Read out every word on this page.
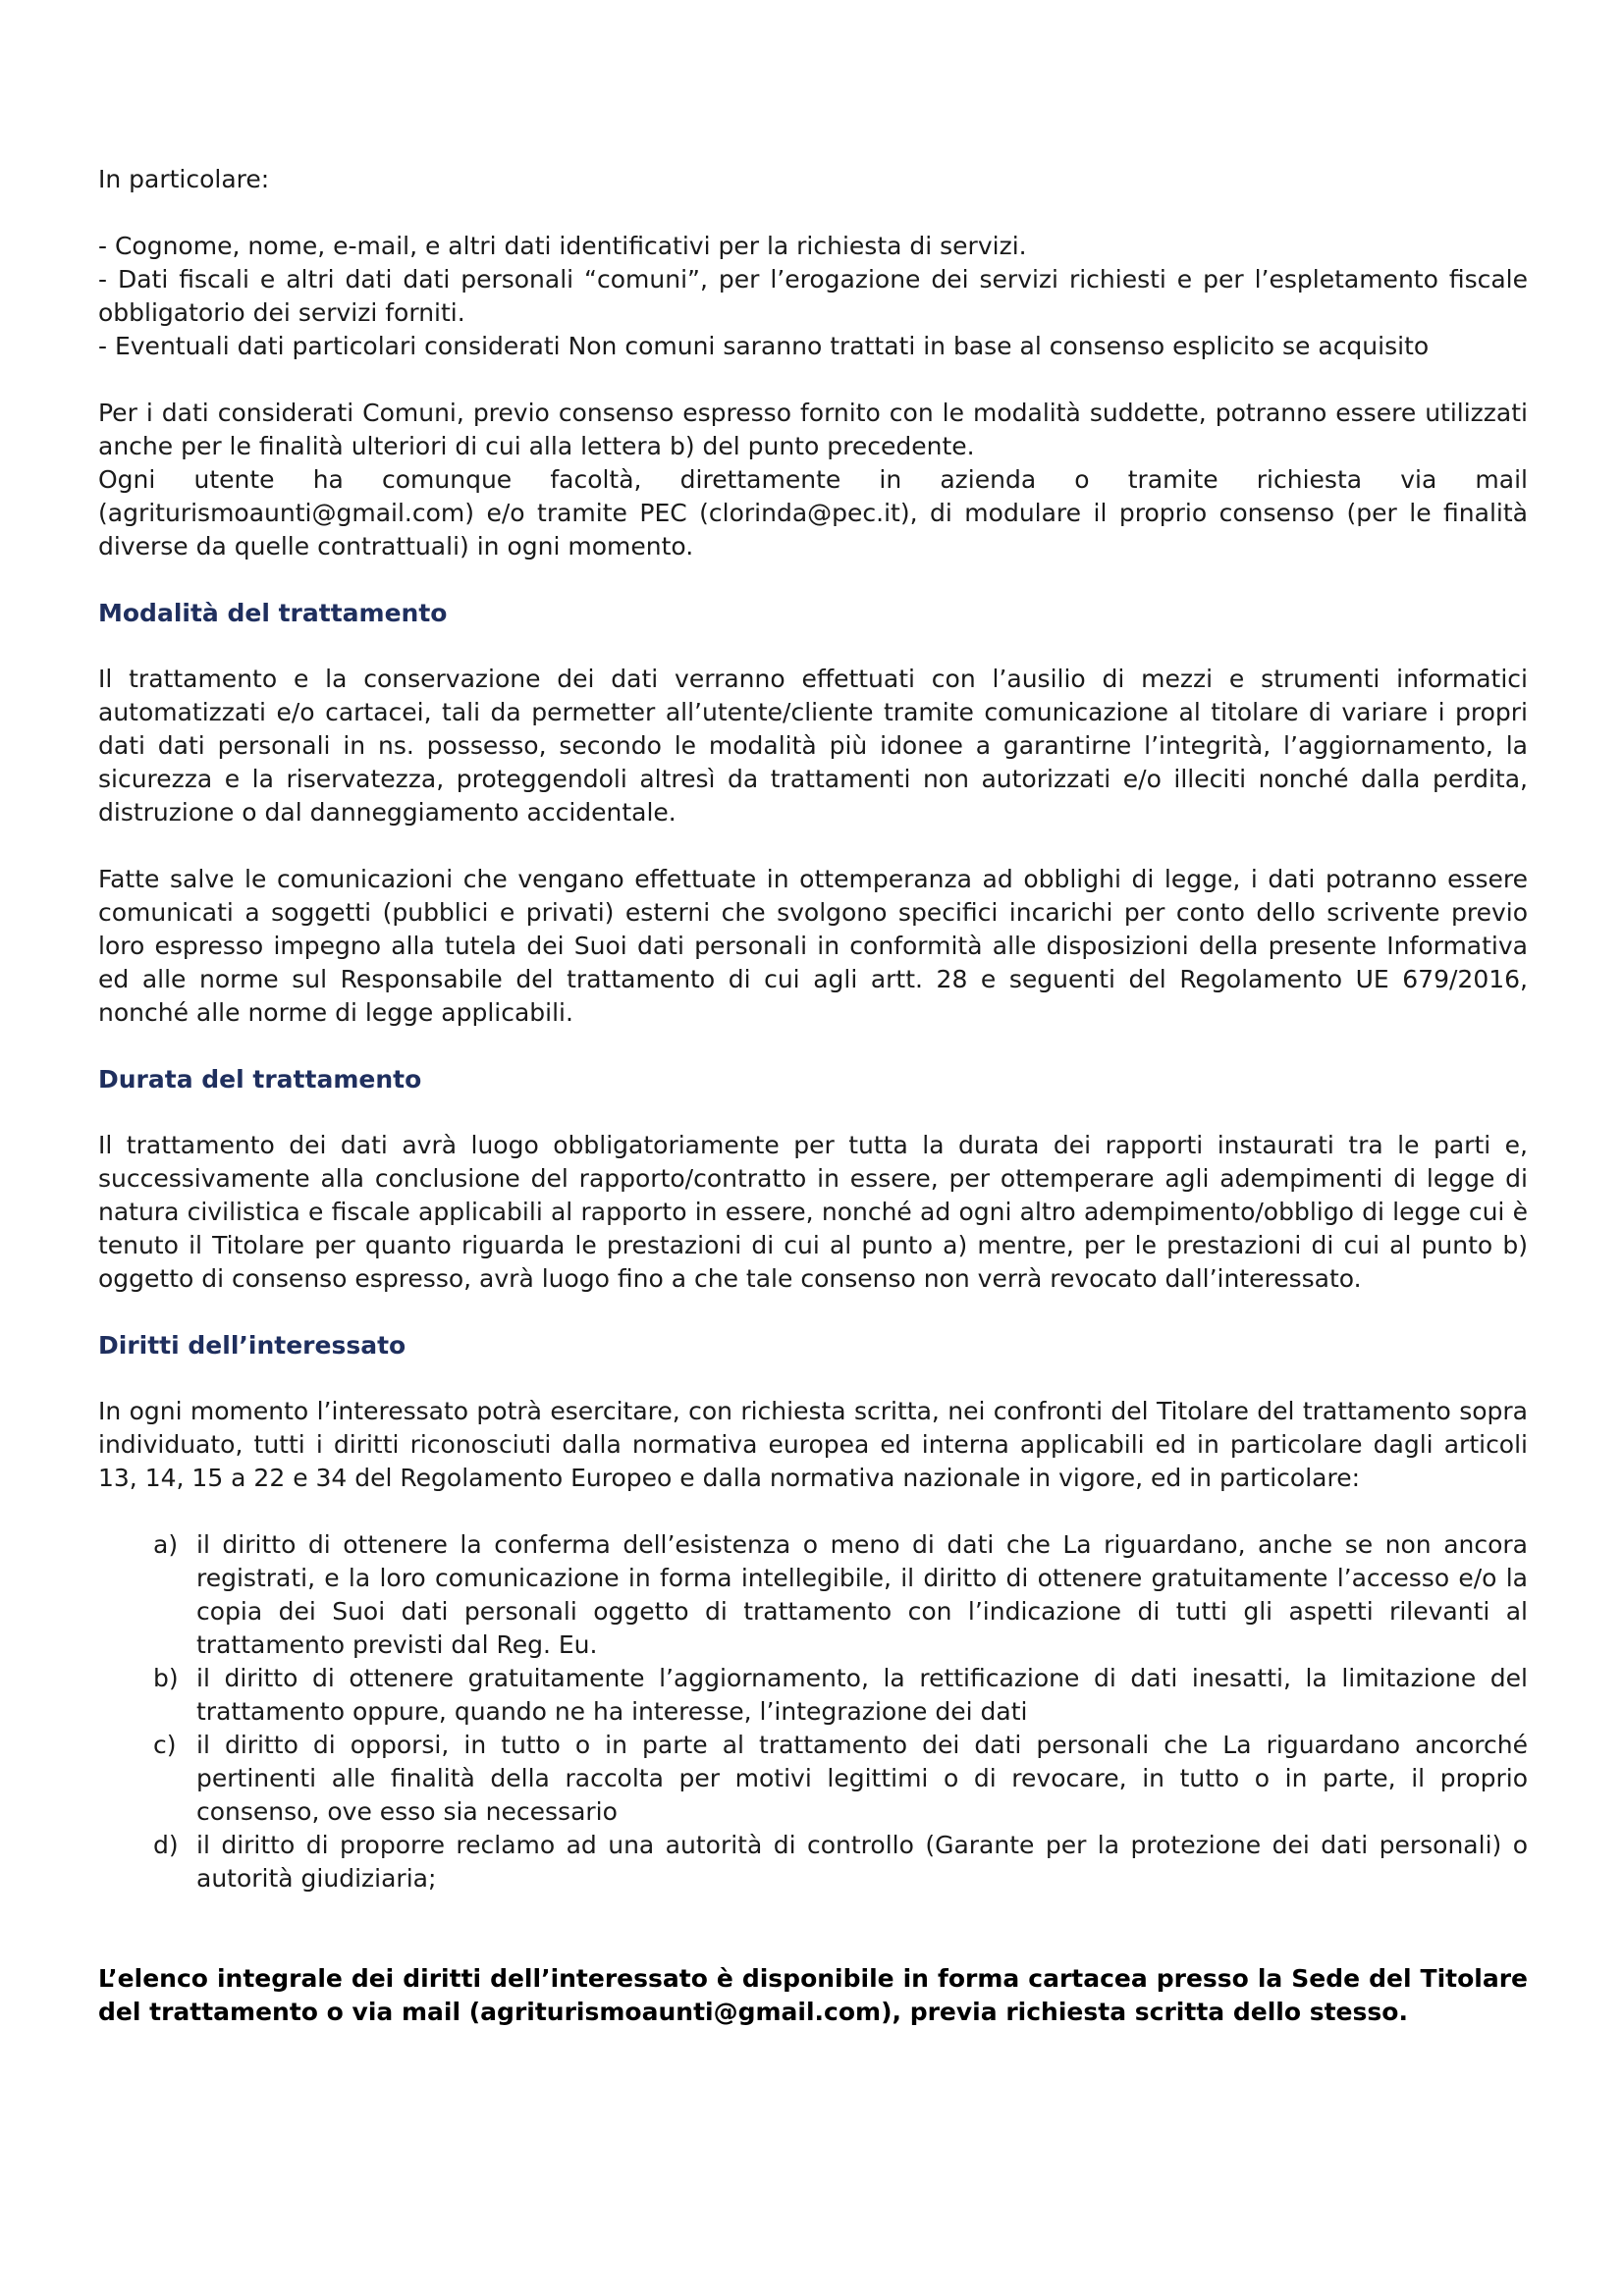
In particolare:

- Cognome, nome, e-mail, e altri dati identificativi per la richiesta di servizi.

- Dati fiscali e altri dati dati personali “comuni”, per l’erogazione dei servizi richiesti e per l’espletamento fiscale obbligatorio dei servizi forniti.

- Eventuali dati particolari considerati Non comuni saranno trattati in base al consenso esplicito se acquisito

Per i dati considerati Comuni, previo consenso espresso fornito con le modalità suddette, potranno essere utilizzati anche per le finalità ulteriori di cui alla lettera b) del punto precedente.

Ogni utente ha comunque facoltà, direttamente in azienda o tramite richiesta via mail (agriturismoaunti@gmail.com) e/o tramite PEC (clorinda@pec.it), di modulare il proprio consenso (per le finalità diverse da quelle contrattuali) in ogni momento.

Modalità del trattamento

Il trattamento e la conservazione dei dati verranno effettuati con l’ausilio di mezzi e strumenti informatici automatizzati e/o cartacei, tali da permetter all’utente/cliente tramite comunicazione al titolare di variare i propri dati dati personali in ns. possesso, secondo le modalità più idonee a garantirne l’integrità, l’aggiornamento, la sicurezza e la riservatezza, proteggendoli altresì da trattamenti non autorizzati e/o illeciti nonché dalla perdita, distruzione o dal danneggiamento accidentale.

Fatte salve le comunicazioni che vengano effettuate in ottemperanza ad obblighi di legge, i dati potranno essere comunicati a soggetti (pubblici e privati) esterni che svolgono specifici incarichi per conto dello scrivente previo loro espresso impegno alla tutela dei Suoi dati personali in conformità alle disposizioni della presente Informativa ed alle norme sul Responsabile del trattamento di cui agli artt. 28 e seguenti del Regolamento UE 679/2016, nonché alle norme di legge applicabili.

Durata del trattamento

Il trattamento dei dati avrà luogo obbligatoriamente per tutta la durata dei rapporti instaurati tra le parti e, successivamente alla conclusione del rapporto/contratto in essere, per ottemperare agli adempimenti di legge di natura civilistica e fiscale applicabili al rapporto in essere, nonché ad ogni altro adempimento/obbligo di legge cui è tenuto il Titolare per quanto riguarda le prestazioni di cui al punto a) mentre, per le prestazioni di cui al punto b) oggetto di consenso espresso, avrà luogo fino a che tale consenso non verrà revocato dall’interessato.

Diritti dell’interessato

In ogni momento l’interessato potrà esercitare, con richiesta scritta, nei confronti del Titolare del trattamento sopra individuato, tutti i diritti riconosciuti dalla normativa europea ed interna applicabili ed in particolare dagli articoli 13, 14, 15 a 22 e 34 del Regolamento Europeo e dalla normativa nazionale in vigore, ed in particolare:

a) il diritto di ottenere la conferma dell’esistenza o meno di dati che La riguardano, anche se non ancora registrati, e la loro comunicazione in forma intellegibile, il diritto di ottenere gratuitamente l’accesso e/o la copia dei Suoi dati personali oggetto di trattamento con l’indicazione di tutti gli aspetti rilevanti al trattamento previsti dal Reg. Eu.
b) il diritto di ottenere gratuitamente l’aggiornamento, la rettificazione di dati inesatti, la limitazione del trattamento oppure, quando ne ha interesse, l’integrazione dei dati
c) il diritto di opporsi, in tutto o in parte al trattamento dei dati personali che La riguardano ancorché pertinenti alle finalità della raccolta per motivi legittimi o di revocare, in tutto o in parte, il proprio consenso, ove esso sia necessario
d) il diritto di proporre reclamo ad una autorità di controllo (Garante per la protezione dei dati personali) o autorità giudiziaria;

L’elenco integrale dei diritti dell’interessato è disponibile in forma cartacea presso la Sede del Titolare del trattamento o via mail (agriturismoaunti@gmail.com), previa richiesta scritta dello stesso.
